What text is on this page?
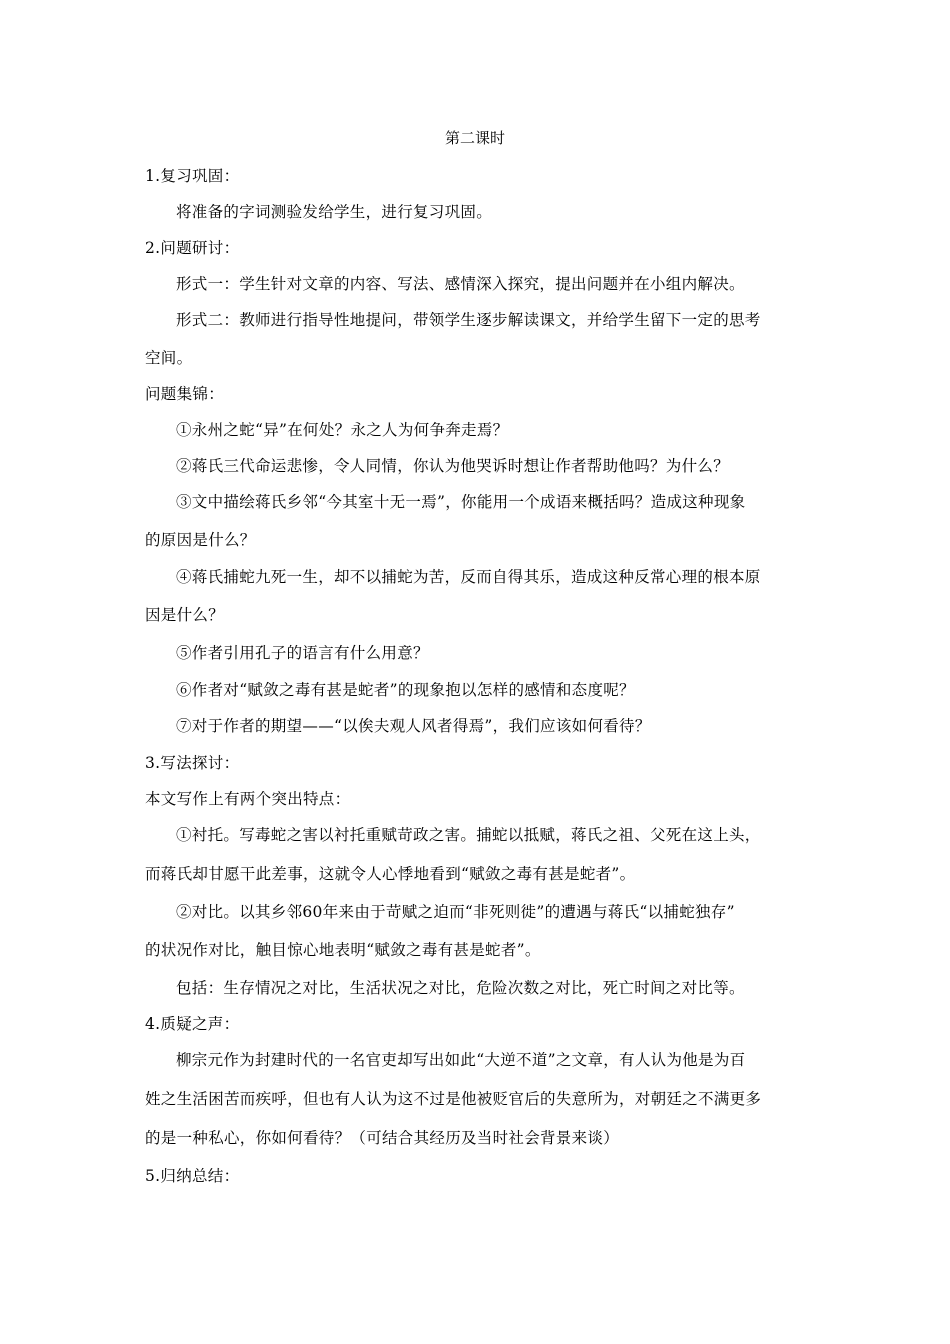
第二课时
1.复习巩固：
将准备的字词测验发给学生，进行复习巩固。
2.问题研讨：
形式一：学生针对文章的内容、写法、感情深入探究，提出问题并在小组内解决。
形式二：教师进行指导性地提问，带领学生逐步解读课文，并给学生留下一定的思考
空间。
问题集锦：
①永州之蛇“异”在何处？永之人为何争奔走焉？
②蒋氏三代命运悲惨，令人同情，你认为他哭诉时想让作者帮助他吗？为什么？
③文中描绘蒋氏乡邻“今其室十无一焉”，你能用一个成语来概括吗？造成这种现象
的原因是什么？
④蒋氏捕蛇九死一生，却不以捕蛇为苦，反而自得其乐，造成这种反常心理的根本原
因是什么？
⑤作者引用孔子的语言有什么用意？
⑥作者对“赋敛之毒有甚是蛇者”的现象抱以怎样的感情和态度呢？
⑦对于作者的期望——“以俟夫观人风者得焉”，我们应该如何看待？
3.写法探讨：
本文写作上有两个突出特点：
①衬托。写毒蛇之害以衬托重赋苛政之害。捕蛇以抵赋，蒋氏之祖、父死在这上头，
而蒋氏却甘愿干此差事，这就令人心悸地看到“赋敛之毒有甚是蛇者”。
②对比。以其乡邻60年来由于苛赋之迫而“非死则徙”的遭遇与蒋氏“以捕蛇独存”
的状况作对比，触目惊心地表明“赋敛之毒有甚是蛇者”。
包括：生存情况之对比，生活状况之对比，危险次数之对比，死亡时间之对比等。
4.质疑之声：
柳宗元作为封建时代的一名官吏却写出如此“大逆不道”之文章，有人认为他是为百
姓之生活困苦而疾呼，但也有人认为这不过是他被贬官后的失意所为，对朝廷之不满更多
的是一种私心，你如何看待？（可结合其经历及当时社会背景来谈）
5.归纳总结：
